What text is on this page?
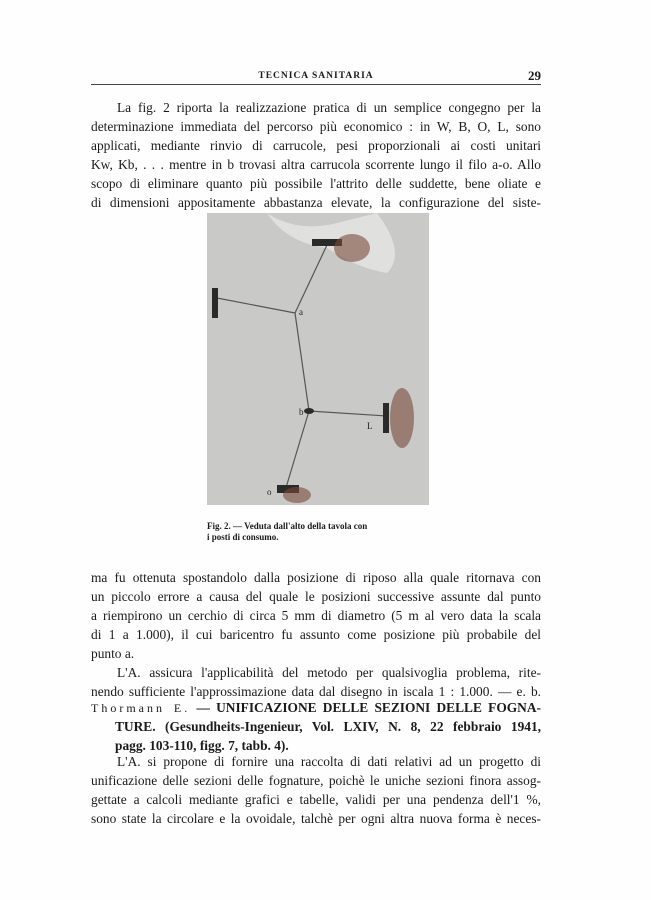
TECNICA SANITARIA	29
La fig. 2 riporta la realizzazione pratica di un semplice congegno per la
determinazione immediata del percorso più economico : in W, B, O, L, sono
applicati, mediante rinvio di carrucole, pesi proporzionali ai costi unitari
Kw, Kb, . . . mentre in b trovasi altra carrucola scorrente lungo il filo a-o. Allo
scopo di eliminare quanto più possibile l'attrito delle suddette, bene oliate e
di dimensioni appositamente abbastanza elevate, la configurazione del siste-
a
b
L
o
Fig. 2. — Veduta dall'alto della tavola con
i posti di consumo.
ma fu ottenuta spostandolo dalla posizione di riposo alla quale ritornava con
un piccolo errore a causa del quale le posizioni successive assunte dal punto
a riempirono un cerchio di circa 5 mm di diametro (5 m al vero data la scala
di 1 a 1.000), il cui baricentro fu assunto come posizione più probabile del
punto a.
L'A. assicura l'applicabilità del metodo per qualsivoglia problema, rite-
nendo sufficiente l'approssimazione data dal disegno in iscala 1 : 1.000. — e. b.
Thormann E. — UNIFICAZIONE DELLE SEZIONI DELLE FOGNA-
TURE. (Gesundheits-Ingenieur, Vol. LXIV, N. 8, 22 febbraio 1941,
pagg. 103-110, figg. 7, tabb. 4).
L'A. si propone di fornire una raccolta di dati relativi ad un progetto di
unificazione delle sezioni delle fognature, poichè le uniche sezioni finora assog-
gettate a calcoli mediante grafici e tabelle, validi per una pendenza dell'1 %,
sono state la circolare e la ovoidale, talchè per ogni altra nuova forma è neces-
